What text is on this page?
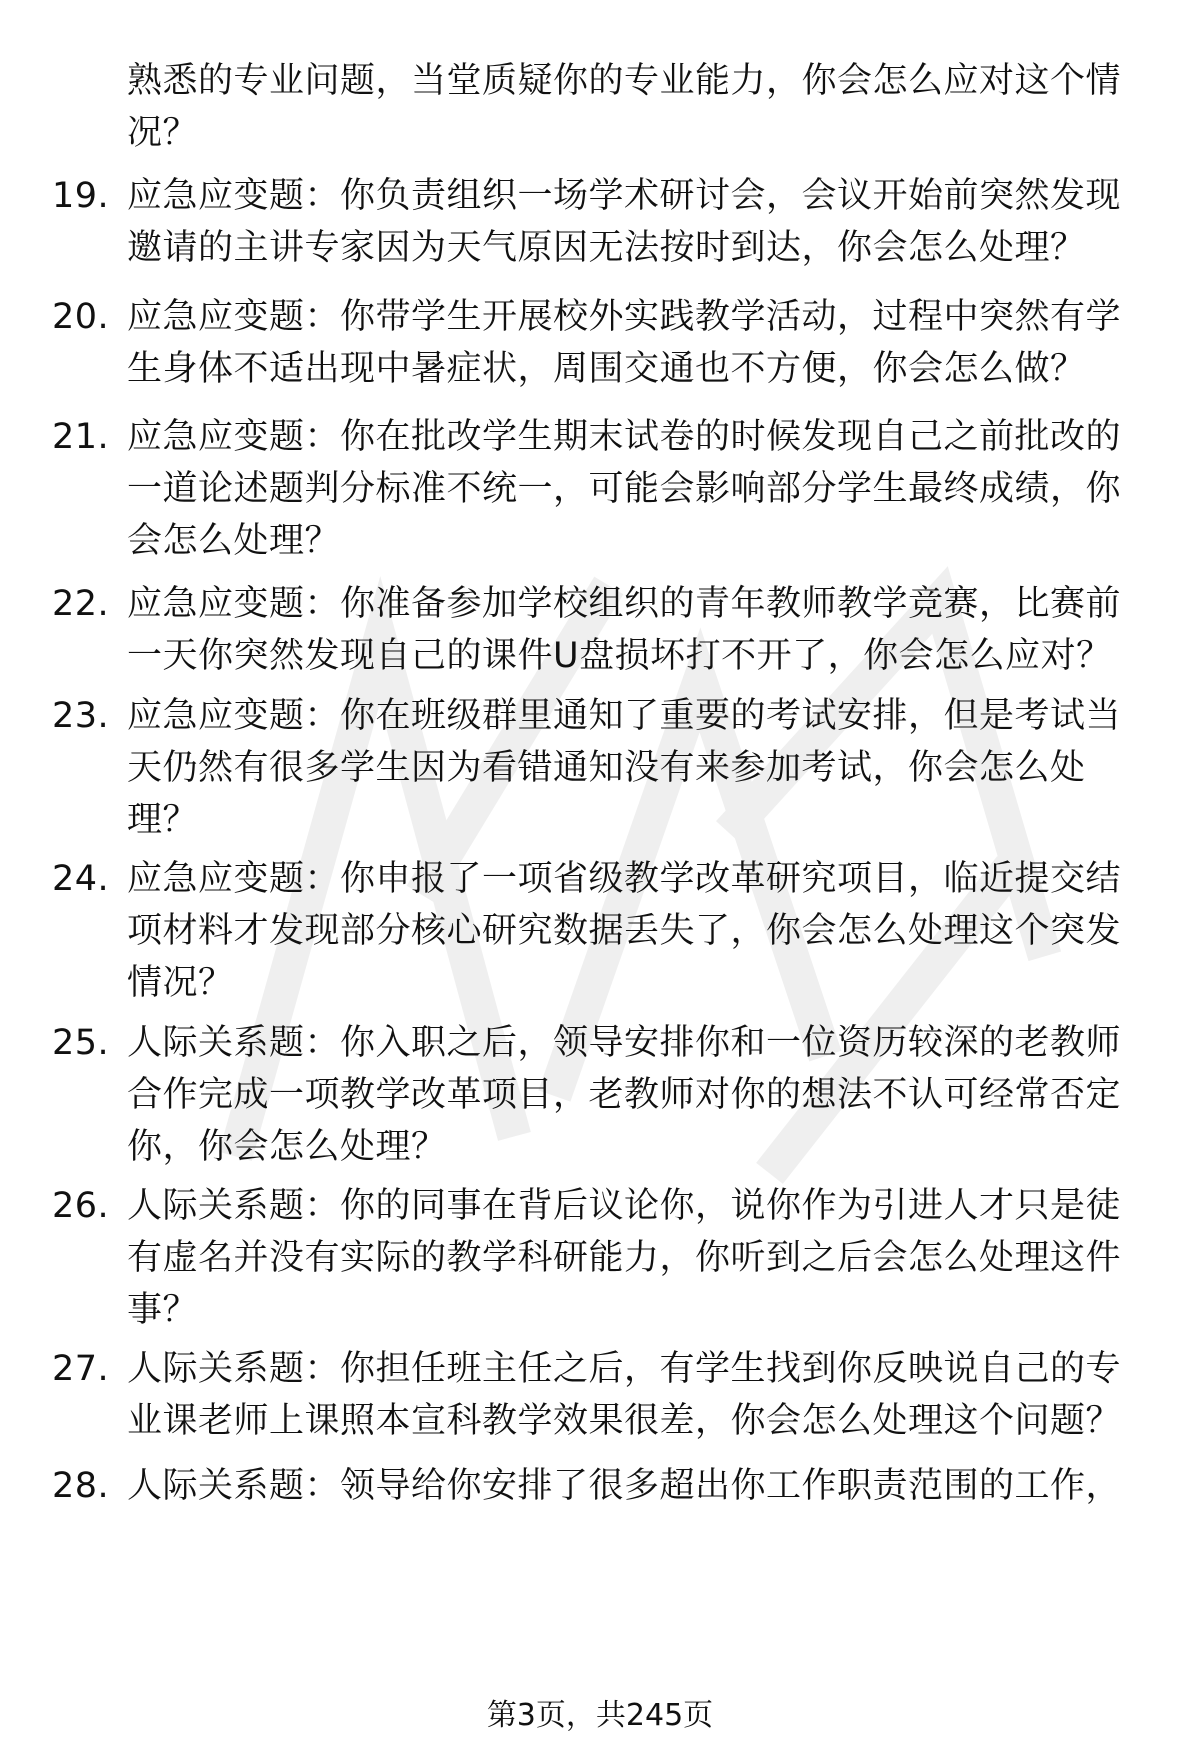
熟悉的专业问题，当堂质疑你的专业能力，你会怎么应对这个情况？
19. 应急应变题：你负责组织一场学术研讨会，会议开始前突然发现邀请的主讲专家因为天气原因无法按时到达，你会怎么处理？
20. 应急应变题：你带学生开展校外实践教学活动，过程中突然有学生身体不适出现中暑症状，周围交通也不方便，你会怎么做？
21. 应急应变题：你在批改学生期末试卷的时候发现自己之前批改的一道论述题判分标准不统一，可能会影响部分学生最终成绩，你会怎么处理？
22. 应急应变题：你准备参加学校组织的青年教师教学竞赛，比赛前一天你突然发现自己的课件U盘损坏打不开了，你会怎么应对？
23. 应急应变题：你在班级群里通知了重要的考试安排，但是考试当天仍然有很多学生因为看错通知没有来参加考试，你会怎么处理？
24. 应急应变题：你申报了一项省级教学改革研究项目，临近提交结项材料才发现部分核心研究数据丢失了，你会怎么处理这个突发情况？
25. 人际关系题：你入职之后，领导安排你和一位资历较深的老教师合作完成一项教学改革项目，老教师对你的想法不认可经常否定你，你会怎么处理？
26. 人际关系题：你的同事在背后议论你，说你作为引进人才只是徒有虚名并没有实际的教学科研能力，你听到之后会怎么处理这件事？
27. 人际关系题：你担任班主任之后，有学生找到你反映说自己的专业课老师上课照本宣科教学效果很差，你会怎么处理这个问题？
28. 人际关系题：领导给你安排了很多超出你工作职责范围的工作，
第3页，共245页
